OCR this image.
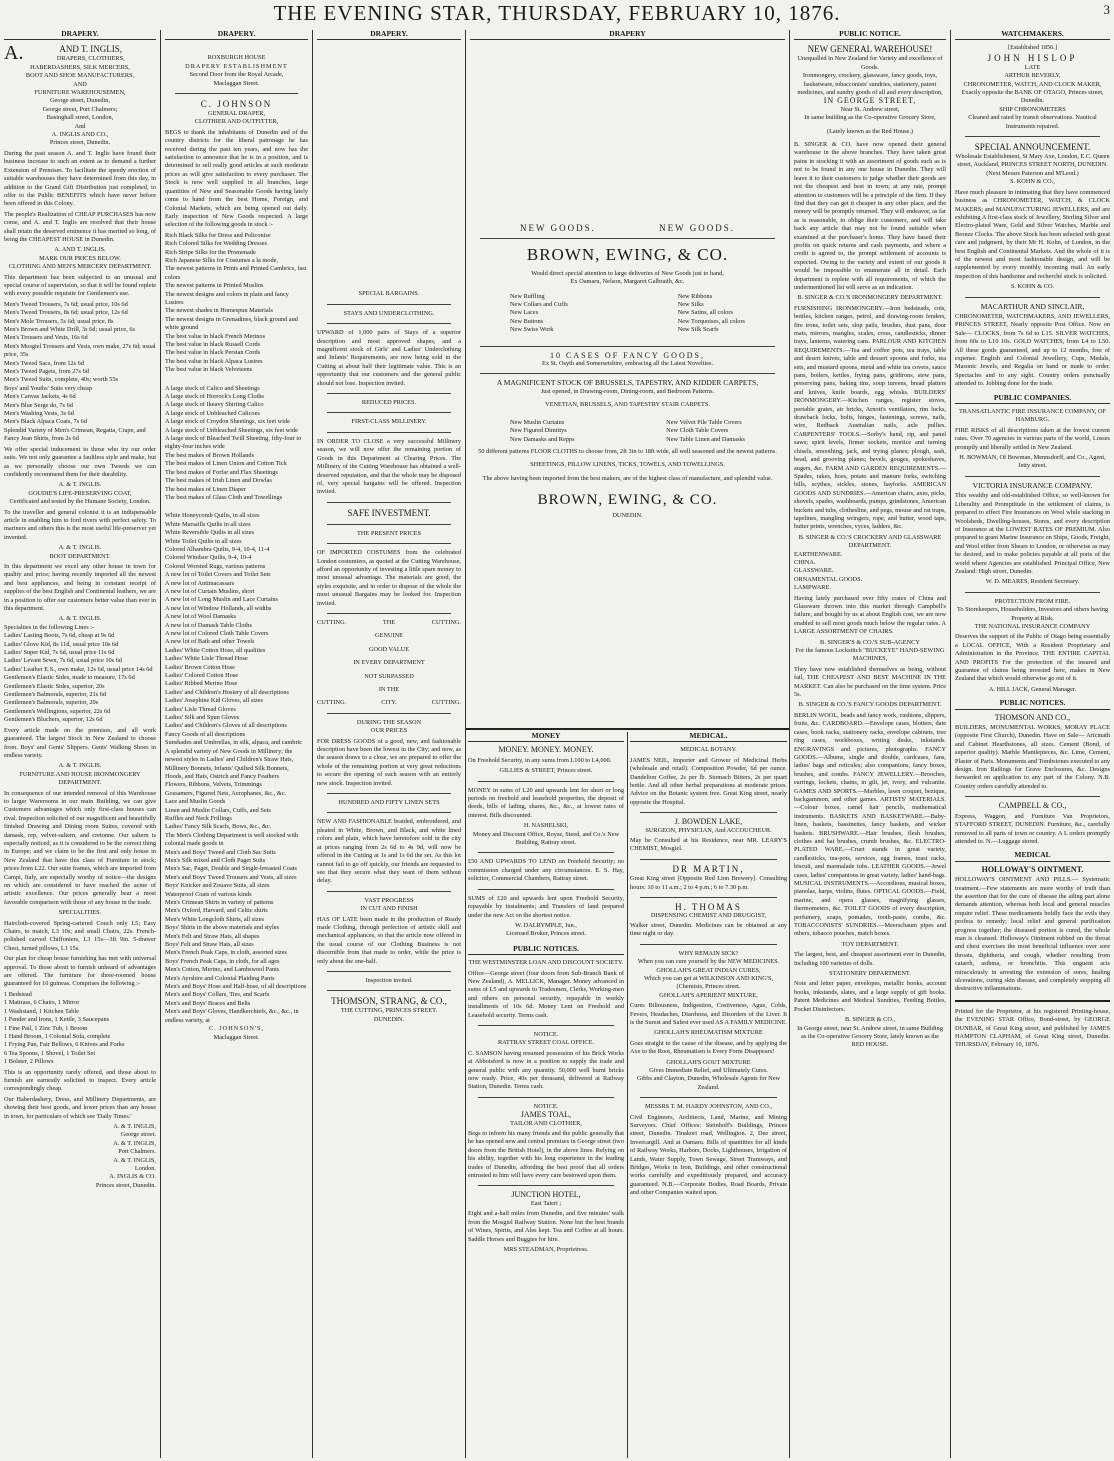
THE EVENING STAR, THURSDAY, FEBRUARY 10, 1876.	3
DRAPERY.
A.	AND T. INGLIS,
DRAPERS, CLOTHIERS,
HABERDASHERS, SILK MERCERS,
BOOT AND SHOE MANUFACTURERS,
AND
FURNITURE WAREHOUSEMEN,
George street, Dunedin,
George street, Port Chalmers;
Basinghall street, London,
And
A. INGLIS AND CO.,
Princes street, Dunedin.
During the past season A. and T. Inglis have found their business increase to such an extent as to demand a further Extension of Premises. To facilitate the speedy erection of suitable warehouses they have determined from this day, in addition to the Grand Gift Distribution just completed, to offer to the Public BENEFITS which have never before been offered in this Colony.
The people's Realization of CHEAP PURCHASES has now come, and A. and T. Inglis are resolved that their house shall retain the deserved eminence it has merited so long, of being the CHEAPEST HOUSE in Dunedin.
A. AND T. INGLIS.
MARK OUR PRICES BELOW.
CLOTHING AND MEN'S MERCERY DEPARTMENT.
This department has been subjected to an unusual and special course of supervision, so that it will be found replete with every possible requisite for Gentlemen's use.
Men's Tweed Trousers, 7s 6d; usual price, 10s 6d
Men's Tweed Trousers, 8s 6d; usual price, 12s 6d
Men's Mole Trousers, 5s 6d; usual price, 8s
Men's Brown and White Drill, 3s 6d; usual price, 6s
Men's Trousers and Vests, 16s 6d
Men's Mosgiel Trousers and Vests, own make, 27s 6d; usual price, 35s
Men's Tweed Sacs, from 12s 6d
Men's Tweed Pagets, from 27s 6d
Men's Tweed Suits, complete, 40s; worth 55s
Boys' and Youths' Suits very cheap
Men's Canvas Jackets, 4s 6d
Men's Blue Serge do, 7s 6d
Men's Washing Vests, 3s 6d
Men's Black Alpaca Coats, 7s 6d
Splendid Variety of Men's Crimean, Regatta, Crape, and Fancy Jean Shirts, from 2s 6d
We offer special inducement to those who try our order suits. We not only guarantee a faultless style and make, but as we personally choose our own Tweeds we can confidently recommend them for their durability.
A. & T. INGLIS.
GOUDIE'S LIFE-PRESERVING COAT,
Certificated and tested by the Humane Society, London.
To the traveller and general colonist it is an indispensable article in enabling him to ford rivers with perfect safety. To mariners and others this is the most useful life-preserver yet invented.
A. & T. INGLIS.
BOOT DEPARTMENT.
In this department we excel any other house in town for quality and price; having recently imported all the newest and best appliances, and being in constant receipt of supplies of the best English and Continental leathers, we are in a position to offer our customers better value than ever in this department.
A. & T. INGLIS.
Specialties in the following Lines :-
Ladies' Lasting Boots, 7s 6d, cheap at 9s 6d
Ladies' Glove Kid, 8s 11d, usual price 10s 6d
Ladies' Super Kid, 7s 6d, usual price 11s 6d
Ladies' Levant Sewn, 7s 6d, usual price 10s 6d
Ladies' Leather E.S., own make, 12s 6d, usual price 14s 6d
Gentlemen's Elastic Sides, made to measure, 17s 6d
Gentlemen's Elastic Sides, superior, 20s
Gentlemen's Balmorals, superior, 21s 6d
Gentlemen's Balmorals, superior, 20s
Gentlemen's Wellingtons, superior, 22s 6d
Gentlemen's Bluchers, superior, 12s 6d
Every article made on the premises, and all work guaranteed. The largest Stock in New Zealand to choose from. Boys' and Gents' Slippers. Gents' Walking Shoes in endless variety.
A. & T. INGLIS.
FURNITURE AND HOUSE IRONMONGERY DEPARTMENT.
In consequence of our intended removal of this Warehouse to larger Warerooms in our main Building, we can give Customers advantages which only first-class houses can rival. Inspection solicited of our magnificent and beautifully finished Drawing and Dining room Suites, covered with damask, rep, velvet-saltern, and cretonne. Our saltern is especially noticed, as it is considered to be the correct thing in Europe; and we claim to be the first and only house in New Zealand that have this class of Furniture in stock; prices from L22. Our suite frames, which are imported from Campi, Italy, are especially worthy of notice—the designs on which are considered to have reached the acme of artistic excellence. Our prices generally bear a most favorable comparison with those of any house in the trade.
SPECIALITIES.
Haircloth-covered Spring-cartered Couch only L5; Easy Chairs, to match, L3 10s; and small Chairs, 22s. French-polished carved Chiffoniers, L3 15s—3ft 9in. 5-drawer Chest, turned pillows, L1 15s.
Our plan for cheap house furnishing has met with universal approval. To those about to furnish unheard of advantages are offered. The furniture for three-roomed house guaranteed for 10 guineas. Comprises the following :-
1 Bedstead
1 Mattrass, 6 Chairs, 1 Mirror
1 Washstand, 1 Kitchen Table
1 Fender and Irons, 1 Kettle, 3 Saucepans
1 Fine Pail, 1 Zinc Tub, 1 Broom
1 Hand Broom, 1 Colonial Sofa, complete
1 Frying Pan, Fair Bellows, 6 Knives and Forks
6 Tea Spoons, 1 Shovel, 1 Toilet Set
1 Bolster, 2 Pillows
This is an opportunity rarely offered, and those about to furnish are earnestly solicited to inspect. Every article correspondingly cheap.
Our Haberdashery, Dress, and Millinery Departments, are showing their best goods, and lower prices than any house in town, for particulars of which see 'Daily Times.'
A. & T. INGLIS,
George street.
A. & T. INGLIS,
Port Chalmers.
A. & T. INGLIS,
London.
A. INGLIS & CO.
Princes street, Dunedin.
DRAPERY.
ROXBURGH HOUSE
DRAPERY ESTABLISHMENT
Second Door from the Royal Arcade,
Maclaggan Street.
C. JOHNSON
GENERAL DRAPER,
CLOTHIER AND OUTFITTER,
BEGS to thank the inhabitants of Dunedin and of the country districts for the liberal patronage he has received during the past ten years, and now has the satisfaction to announce that he is in a position, and is determined to sell really good articles at such moderate prices as will give satisfaction to every purchaser. The Stock is now well supplied in all branches, large quantities of New and Seasonable Goods having lately come to hand from the best Home, Foreign, and Colonial Markets, which are being opened out daily. Early inspection of New Goods respected. A large selection of the following goods in stock :-
Rich Black Silks for Dress and Policonise
Rich Colored Silks for Wedding Dresses
Rich Stripe Silks for the Promenade
Rich Japanese Silks for Costumes a la mode,
The newest patterns in Prints and Printed Cambrics, fast colors
The newest patterns in Printed Muslins
The newest designs and colors in plain and fancy Lustres
The newest shades in Homespun Materials
The newest designs in Grenadines, black ground and white ground
The best value in black French Merinos
The best value in black Russell Cords
The best value in black Persian Cords
The best value in black Alpaca Lustres
The best value in black Velveteens
A large stock of Calico and Sheetings
A large stock of Horrock's Long Cloths
A large stock of Ikeavy Shirting Calico
A large stock of Unbleached Calicoes
A large stock of Croydon Sheetings, six feet wide
A large stock of Unbleached Sheetings, six feet wide
A large stock of Bleached Twill Sheeting, fifty-four to eighty-four inches wide
The best makes of Brown Hollands
The best makes of Linen Union and Cotton Tick
The best makes of Forfar and Flax Sheetings
The best makes of Irish Linen and Dowlas
The best makes of Linen Diaper
The best makes of Glass Cloth and Towellings
White Honeycomb Quilts, in all sizes
White Marsaills Quilts in all sizes
White Reversible Quilts in all sizes
White Toilet Quilts in all sizes
Colored Alhambra Quilts, 9-4, 10-4, 11-4
Colored Windsor Quilts, 9-4, 10-4
Colored Worsted Rugs, various patterns
A new lot of Toilet Covers and Toilet Sets
A new lot of Antimacassars
A new lot of Curtain Muslins, short
A new lot of Long Muslin and Lace Curtains
A new lot of Window Hollands, all widths
A new lot of Wool Damasks
A new lot of Damask Table Cloths
A new lot of Colored Cloth Table Covers
A new lot of Bath and other Towels
Ladies' White Cotton Hose, all qualities
Ladies' White Lisle Thread Hose
Ladies' Brown Cotton Hose
Ladies' Colored Cotton Hose
Ladies' Ribbed Merino Hose
Ladies' and Children's Hosiery of all descriptions
Ladies' Josephine Kid Gloves, all sizes
Ladies' Lisle Thread Gloves
Ladies' Silk and Spun Gloves
Ladies' and Children's Gloves of all descriptions
Fancy Goods of all descriptions
Sunshades and Umbrellas, in silk, alpaca, and cambric
A splendid variety of New Goods in Millinery; the newest styles in Ladies' and Children's Straw Hats, Millinery Bonnets, Infants' Quilted Silk Bonnets, Hoods, and Hats, Ostrich and Fancy Feathers
Flowers, Ribbons, Velvets, Trimmings
Gossamers, Figured Nets, Aerophanes, &c., &c.
Lace and Muslin Goods
Linen and Muslin Collars, Cuffs, and Sets
Ruffles and Neck Frillings
Ladies' Fancy Silk Scarfs, Bows, &c., &c.
The Men's Clothing Department is well stocked with colonial made goods in
Men's and Boys' Tweed and Cloth Sac Suits
Men's Silk mixed and Cloth Paget Suits
Men's Sac, Paget, Double and Single-breasted Coats
Men's and Boys' Tweed Trousers and Vests, all sizes
Boys' Knicker and Zouave Suits, all sizes
Waterproof Coats of various kinds
Men's Crimean Shirts in variety of patterns
Men's Oxford, Harvard, and Celtic shirts
Men's White Longcloth Shirts, all sizes
Boys' Shirts in the above materials and styles
Men's Felt and Straw Hats, all shapes
Boys' Felt and Straw Hats, all sizes
Men's French Peak Caps, in cloth, assorted sizes
Boys' French Peak Caps, in cloth, for all ages
Men's Cotton, Merino, and Lambswool Pants
Men's Ayrshire and Colonial Plaiding Pants
Men's and Boys' Hose and Half-hose, of all descriptions
Men's and Boys' Collars, Ties, and Scarfs
Men's and Boys' Braces and Belts
Men's and Boys' Gloves, Handkerchiefs, &c., &c., in endless variety, at
C. JOHNSON'S,
Maclaggan Street.
DRAPERY.
SPECIAL BARGAINS.
STAYS AND UNDERCLOTHING.
UPWARD of 1,000 pairs of Stays of a superior description and most approved shapes, and a magnificent stock of Girls' and Ladies' Underclothing and Infants' Requirements, are now being sold in the Cutting at about half their legitimate value. This is an opportunity that our customers and the general public should not lose. Inspection invited.
REDUCED PRICES.
FIRST-CLASS MILLINERY.
IN ORDER TO CLOSE a very successful Millinery season, we will now offer the remaining portion of Goods in this Department at Clearing Prices. The Millinery of the Cutting Warehouse has obtained a well-deserved reputation, and that the whole may be disposed of, very special bargains will be offered. Inspection invited.
SAFE INVESTMENT.
THE PRESENT PRICES
OF IMPORTED COSTUMES from the celebrated London costumiers, as quoted at the Cutting Warehouse, afford an opportunity of investing a little spare money to most unusual advantage. The materials are good, the styles exquisite, and in order to dispose of the whole the most unusual Bargains may be looked for. Inspection invited.
CUTTING.	THE	CUTTING.
GENUINE
GOOD VALUE
IN EVERY DEPARTMENT
NOT SURPASSED
IN THE
CUTTING.	CITY.	CUTTING.
DURING THE SEASON
OUR PRICES
FOR DRESS GOODS of a good, new, and fashionable description have been the lowest in the City; and now, as the season draws to a close, we are prepared to offer the whole of the remaining portion at very great reductions to secure the opening of each season with an entirely new stock. Inspection invited.
HUNDRED AND FIFTY LINEN SETS
NEW AND FASHIONABLE braided, embroidered, and pleated in White, Brown, and Black, and white lined colors and plain, which have heretofore sold in the city at prices ranging from 2s 6d to 4s 9d, will now be offered in the Cutting at 1s and 1s 6d the set. As this lot cannot fail to go off quickly, our friends are requested to see that they secure what they want of them without delay.
VAST PROGRESS
IN CUT AND FINISH
HAS OF LATE been made in the production of Ready made Clothing, through perfection of artistic skill and mechanical appliances, so that the article now offered in the usual course of our Clothing Business is not discernible from that made to order, while the price is only about the one-half.
Inspection invited.
THOMSON, STRANG, & CO.,
THE CUTTING, PRINCES STREET.
DUNEDIN.
DRAPERY
NEW GOODS.	NEW GOODS.
BROWN, EWING, & CO.
Would direct special attention to large deliveries of New Goods just to hand,
Ex Oamaru, Nelson, Margaret Galbraith, &c.
New Ruffling
New Collars and Cuffs
New Laces
New Buttons
New Swiss Work
New Ribbons
New Silks
New Satins, all colors
New Torquoises, all colors
New Silk Scarfs
10 CASES OF FANCY GOODS,
Ex St. Osyth and Somersetshire, embracing all the Latest Novelties.
A MAGNIFICENT STOCK OF BRUSSELS, TAPESTRY, AND KIDDER CARPETS,
Just opened, in Drawing-room, Dining-room, and Bedroom Patterns.
VENETIAN, BRUSSELS, AND TAPESTRY STAIR CARPETS.
New Muslin Curtains
New Figured Dimittys
New Damasks and Repps
New Velvet Pile Table Covers
New Cloth Table Covers
New Table Linen and Damasks
50 different patterns FLOOR CLOTHS to choose from, 2ft 3in to 18ft wide, all well seasoned and the newest patterns.
SHEETINGS, PILLOW LINENS, TICKS, TOWELS, AND TOWELLINGS.
The above having been imported from the best makers, are of the highest class of manufacture, and splendid value.
BROWN, EWING, & CO.
DUNEDIN.
MONEY
MONEY. MONEY. MONEY.
On Freehold Security, in any sums from L100 to L4,000.
GILLIES & STREET, Princes street.
MONEY in sums of L20 and upwards lent for short or long periods on freehold and leasehold properties, the deposit of deeds, bills of lading, shares, &c., &c., at lowest rates of interest. Bills discounted.
H. NASHELSKI,
Money and Discount Office, Royse, Steed, and Co.'s New Building, Rattray street.
£50 AND UPWARDS TO LEND on Freehold Security; no commission charged under any circumstances. E. S. Hay, solicitor, Commercial Chambers, Rattray street.
SUMS of £20 and upwards lent upon Freehold Security, repayable by instalments; and Transfers of land prepared under the new Act on the shortest notice.
W. DALRYMPLE, Jun.,
Licensed Broker, Princes street.
PUBLIC NOTICES.
THE WESTMINSTER LOAN AND DISCOUNT SOCIETY.
Office—George street (four doors from Sub-Branch Bank of New Zealand), A. MELLICK, Manager. Money advanced in sums of L5 and upwards to Tradesmen, Clerks, Working-men and others on personal security, repayable in weekly installments of 10s 6d. Money Lent on Freehold and Leasehold security. Terms cash.
NOTICE.
RATTRAY STREET COAL OFFICE.
C. SAMSON having resumed possession of his Brick Works at Abbotsford is now in a position to supply the trade and general public with any quantity. 50,000 well burnt bricks now ready. Price, 40s per thousand, delivered at Railway Station, Dunedin. Terms cash.
NOTICE.
JAMES TOAL,
TAILOR AND CLOTHIER,
Begs to inform his many friends and the public generally that he has opened new and central premises in George street (two doors from the British Hotel), in the above lines. Relying on his ability, together with his long experience in the leading trades of Dunedin, affording the best proof that all orders entrusted to him will have every care bestowed upon them.
JUNCTION HOTEL,
East Taieri ;
Eight and a-half miles from Dunedin, and five minutes' walk from the Mosgiel Railway Station. None but the best brands of Wines, Spirits, and Ales kept. Tea and Coffee at all hours. Saddle Horses and Buggies for hire.
MRS STEADMAN, Proprietress.
MEDICAL.
MEDICAL BOTANY.
JAMES NEIL, Importer and Grower of Medicinal Herbs (wholesale and retail). Composition Powder, 6d per ounce. Dandelion Coffee, 2s per lb. Stomach Bitters, 2s per quart bottle. And all other herbal preparations at moderate prices. Advice on the Botanic system free. Great King street, nearly opposite the Hospital.
J. BOWDEN LAKE,
SURGEON, PHYSICIAN, And ACCOUCHEUR.
May be Consulted at his Residence, near MR. LEARY'S CHEMIST, Mosgiel.
DR MARTIN,
Great King street [Opposite Red Lion Brewery]. Consulting hours: 10 to 11 a.m.; 2 to 4 p.m.; 6 to 7.30 p.m.
H. THOMAS
DISPENSING CHEMIST AND DRUGGIST,
Walker street, Dunedin. Medicines can be obtained at any time night or day.
WHY REMAIN SICK?
When you can cure yourself by the NEW MEDICINES. GHOLLAH'S GREAT INDIAN CURES,
Which you can get at WILKINSON AND KING'S, (Chemists, Princes street.
GHOLLAH'S APERIENT MIXTURE,
Cures Biliousness, Indigestion, Costiveness, Ague, Colds, Fevers, Headaches, Diarrhoea, and Disorders of the Liver. It is the Surest and Safest ever used AS A FAMILY MEDICINE.
GHOLLAH'S RHEUMATISM MIXTURE
Goes straight to the cause of the disease, and by applying the Axe to the Root, Rheumatism is Every Form Disappears!
GHOLLAH'S GOUT MIXTURE
Gives Immediate Relief, and Ultimately Cures.
Gibbs and Clayton, Dunedin, Wholesale Agents for New Zealand.
MESSRS T. M. HARDY JOHNSTON, AND CO.,
Civil Engineers, Architects, Land, Marine, and Mining Surveyors. Chief Offices: Steinhoff's Buildings, Princes street, Dunedin. Tinakori road, Wellington. 2, Dee street, Invercargill. And at Oamaru. Bills of quantities for all kinds of Railway Works, Harbors, Docks, Lighthouses, Irrigation of Lands, Water Supply, Town Sewage, Street Tramways, and Bridges, Works in Iron, Buildings, and other constructional works carefully and expeditiously prepared, and accuracy guaranteed. N.B.—Corporate Bodies, Road Boards, Private and other Companies waited upon.
PUBLIC NOTICE.
NEW GENERAL WAREHOUSE!
Unequalled in New Zealand for Variety and excellence of Goods.
Ironmongery, crockery, glassware, fancy goods, toys, basketware, tobacconists' sundries, stationery, patent medicines, and sundry goods of all and every description,
IN GEORGE STREET,
Near St. Andrew street,
In same building as the Co-operative Grocery Store,
(Lately known as the Red House.)
B. SINGER & CO. have now opened their general warehouse in the above branches. They have taken great pains in stocking it with an assortment of goods such as is not to be found in any one house in Dunedin. They will leave it to their customers to judge whether their goods are not the cheapest and best in town; at any rate, prompt attention to customers will be a principle of the firm. If they find that they can get it cheaper in any other place, and the money will be promptly returned. They will endeavor, as far as is reasonable, to oblige their customers, and will take back any article that may not be found suitable when examined at the purchaser's home. They have based their profits on quick returns and cash payments, and where a credit is agreed to, the prompt settlement of accounts is expected. Owing to the variety and extent of our goods it would be impossible to enumerate all in detail. Each department is replete with all requirements, of which the undermentioned list will serve as an indication.
B. SINGER & CO.'S IRONMONGERY DEPARTMENT.
FURNISHING IRONMONGERY.—Iron bedsteads, cots, bottles, kitchen ranges, petrol, and drawing-room fenders, fire irons, toilet sets, slop pails, brushes, dust pans, door mats, mirrors, mangles, scales, cross, candlesticks, dinner trays, lanterns, watering cans. PARLOUR AND KITCHEN REQUIREMENTS.—Tea and coffee pots, tea trays, table and desert knives, table and dessert spoons and forks, tea sets, and mustard spoons, metal and white tea covers, sauce pans, boilers, kettles, frying pans, gridirons, stew pans, preserving pans, baking tins, soup tureens, bread platters and knives, knife boards, egg whisks. BUILDERS' IRONMONGERY.—Kitchen ranges, register stoves, portable grates, air bricks, Arnott's ventilators, rim locks, drawback locks, bolts, hinges, fastenings, screws, nails, wire, Redback Australian nails, axle pullies. CARPENTERS' TOOLS.—Sorby's hand, rip, and panel saws; spirit levels, firmer sockets, mortice and turning chisels, smoothing, jack, and trying planes; plough, sash, bead, and grooving planes; bevels, gouges, spokeshaves, augers, &c. FARM AND GARDEN REQUIREMENTS.—Spades, rakes, hoes, potato and manure forks, switching bills, scythes, sickles, stones, hayforks. AMERICAN GOODS AND SUNDRIES.—American chairs, axes, picks, shovels, spades, washboards, pumps, grindstones, American buckets and tubs, clothesline, and pegs, mouse and rat traps, tapelines, mangling wringers, rope, and butter, wood taps, butter prints, wrenches, vyces, ladders, &c.
B. SINGER & CO.'S CROCKERY AND GLASSWARE DEPARTMENT.
EARTHENWARE.
CHINA.
GLASSWARE.
ORNAMENTAL GOODS.
LAMPWARE.
Having lately purchased over fifty crates of China and Glassware thrown into this market through Campbell's failure, and bought by us at about English cost, we are now enabled to sell most goods much below the regular rates. A LARGE ASSORTMENT OF CHAIRS.
B. SINGER'S & CO.'S SUB-AGENCY
For the famous Lockstitch "BUCKEYE" HAND-SEWING MACHINES,
They have now established themselves as being, without fail, THE CHEAPEST AND BEST MACHINE IN THE MARKET. Can also be purchased on the time system. Price 5s.
B. SINGER & CO.'S FANCY GOODS DEPARTMENT.
BERLIN WOOL, beads and fancy work, cushions, slippers, fruits, &c. CARDBOARD.—Envelope cases, blotters, date cases, book racks, stationery racks, envelope cabinets, tree ring cases, workboxes, writing desks, inkstands. ENGRAVINGS and pictures, photographs. FANCY GOODS.—Albums, single and double, cardcases, fans, ladies' bags and reticules; also companions, fancy boxes, brushes, and combs. FANCY JEWELLERY.—Brooches, earrings, lockets, chains, in gilt, jet, ivory, and vulcanite. GAMES AND SPORTS.—Marbles, lawn croquet, bezique, backgammon, and other games. ARTISTS' MATERIALS.—Colour boxes, camel hair pencils, mathematical instruments. BASKETS AND BASKETWARE.—Baby-linen, baskets, bassinettes, fancy baskets, and wicker baskets. BRUSHWARE.—Hair brushes, flesh brushes, clothes and hat brushes, crumb brushes, &c. ELECTRO-PLATED WARE.—Cruet stands in great variety, candlesticks, tea-pots, services, egg frames, toast racks, biscuit, and marmalade tubs. LEATHER GOODS.—Jewel cases, ladies' companions in great variety, ladies' hand-bags. MUSICAL INSTRUMENTS.—Accordions, musical boxes, pianolas, harps, violins, flutes. OPTICAL GOODS.—Field, marine, and opera glasses, magnifying glasses, thermometers, &c. TOILET GOODS of every description, perfumery, soaps, pomades, tooth-paste, combs, &c. TOBACCONISTS' SUNDRIES.—Meerschaum pipes and others, tobacco pouches, match boxes.
TOY DEPARTMENT.
The largest, best, and cheapest assortment ever in Dunedin, including 100 varieties of dolls.
STATIONERY DEPARTMENT.
Note and letter paper, envelopes, metallic books, account books, inkstands, slates, and a large supply of gift books. Patent Medicines and Medical Sundries, Feeding Bottles, Pocket Disinfectors.
B. SINGER & CO.,
In George street, near St. Andrew street, in same Building as the Co-operative Grocery Store, lately known as the RED HOUSE.
WATCHMAKERS.
[Established 1856.]
JOHN HISLOP
LATE
ARTHUR BEVERLY,
CHRONOMETER, WATCH, AND CLOCK MAKER,
Exactly opposite the BANK OF OTAGO, Princes street, Dunedin.
SHIP CHRONOMETERS
Cleaned and rated by transit observations. Nautical Instruments repaired.
SPECIAL ANNOUNCEMENT.
Wholesale Establishment, St Mary Axe, London, E.C. Queen street, Auckland, PRINCES STREET NORTH, DUNEDIN. (Next Messrs Paterson and M'Leod.)
S. KOHN & CO.,
Have much pleasure in intimating that they have commenced business as CHRONOMETER, WATCH, & CLOCK MAKERS; and MANUFACTURING JEWELLERS, and are exhibiting A first-class stock of Jewellery, Sterling Silver and Electro-plated Ware, Gold and Silver Watches, Marble and Bronze Clocks. The above Stock has been selected with great care and judgment, by their Mr H. Kohn, of London, in the best English and Continental Markets. And the whole of it is of the newest and most fashionable design, and will be supplemented by every monthly incoming mail. An early inspection of this handsome and recherché stock is solicited.
S. KOHN & CO.
MACARTHUR AND SINCLAIR,
CHRONOMETER, WATCHMAKERS, AND JEWELLERS, PRINCES STREET, Nearly opposite Post Office. Now on Sale— CLOCKS, from 7s 6d to L15. SILVER WATCHES, from 60s to L10 10s. GOLD WATCHES, from L4 to L50. All these goods guaranteed, and up to 12 months, free of expense. English and Colonial Jewellery, Cups, Medals, Masonic Jewels, and Regalia on hand or made to order. Spectacles and to any sight. Country orders punctually attended to. Jobbing done for the trade.
PUBLIC COMPANIES.
TRANSATLANTIC FIRE INSURANCE COMPANY, OF HAMBURG.
FIRE RISKS of all descriptions taken at the lowest current rates. Over 70 agencies in various parts of the world, Losses promptly and liberally settled in New Zealand.
H. BOWMAN, Of Bowman, Mennsdorff, and Co., Agent, Jetty street.
VICTORIA INSURANCE COMPANY.
This wealthy and old-established Office, so well-known for Liberality and Promptitude in the settlement of claims, is prepared to effect Fire Insurances on Wool while stacking in Woolsheds, Dwelling-houses, Stores, and every description of Insurance at the LOWEST RATES OF PREMIUM. Also prepared to grant Marine Insurance on Ships, Goods, Freight, and Wool either from Shears to London, or otherwise as may be desired, and to make policies payable at all ports of the world where Agencies are established. Principal Office, New Zealand: High street, Dunedin.
W. D. MEARES, Resident Secretary.
PROTECTION FROM FIRE.
To Storekeepers, Householders, Investors and others having Property at Risk.
THE NATIONAL INSURANCE COMPANY
Deserves the support of the Public of Otago being essentially a LOCAL OFFICE, With a Resident Proprietary and Administration in the Province. THE ENTIRE CAPITAL AND PROFITS For the protection of the insured and guarantee of claims being invested here, makes in New Zealand that which would otherwise go out of it.
A. HILL JACK, General Manager.
PUBLIC NOTICES.
THOMSON AND CO.,
BUILDERS, MONUMENTAL WORKS, MORAY PLACE (opposite First Church), Dunedin. Have on Sale— Aricinath and Cabinet Hearthstones, all sizes. Cement (Bond, of superior quality). Marble Mantlepieces, &c. Lime, Cement, Plaster of Paris. Monuments and Tombstones executed to any design. Iron Railings for Grave Enclosures, &c. Designs forwarded on application to any part of the Colony. N.B. Country orders carefully attended to.
CAMPBELL & CO.,
Express, Waggon, and Furniture Van Proprietors, STAFFORD STREET, DUNEDIN. Furniture, &c., carefully removed to all parts of town or country. A L orders promptly attended to. N.—Luggage stored.
MEDICAL
HOLLOWAY'S OINTMENT.
HOLLOWAY'S OINTMENT AND PILLS.— Systematic treatment.—Few statements are more worthy of truth than the assertion that for the cure of disease the ailing part alone demands attention, whereas both local and general muscles require relief. These medicaments boldly face the evils they profess to remedy; local relief and general purification progress together; the diseased portion is cured, the whole man is cleansed. Holloway's Ointment rubbed on the throat and chest exercises the most beneficial influence over sore throats, diphtheria, and cough, whether resulting from catarrh, asthma, or bronchitis. This unguent acts miraculously in arresting the extension of sores, healing ulcerations, curing skin disease, and completely stopping all destructive inflammations.
Printed for the Proprietor, at his registered Printing-house, the EVENING STAR Office, Bond-street, by GEORGE DUNBAR, of Great King street, and published by JAMES HAMPTON CLAPHAM, of Great King street, Dunedin. THURSDAY, February 10, 1876.
